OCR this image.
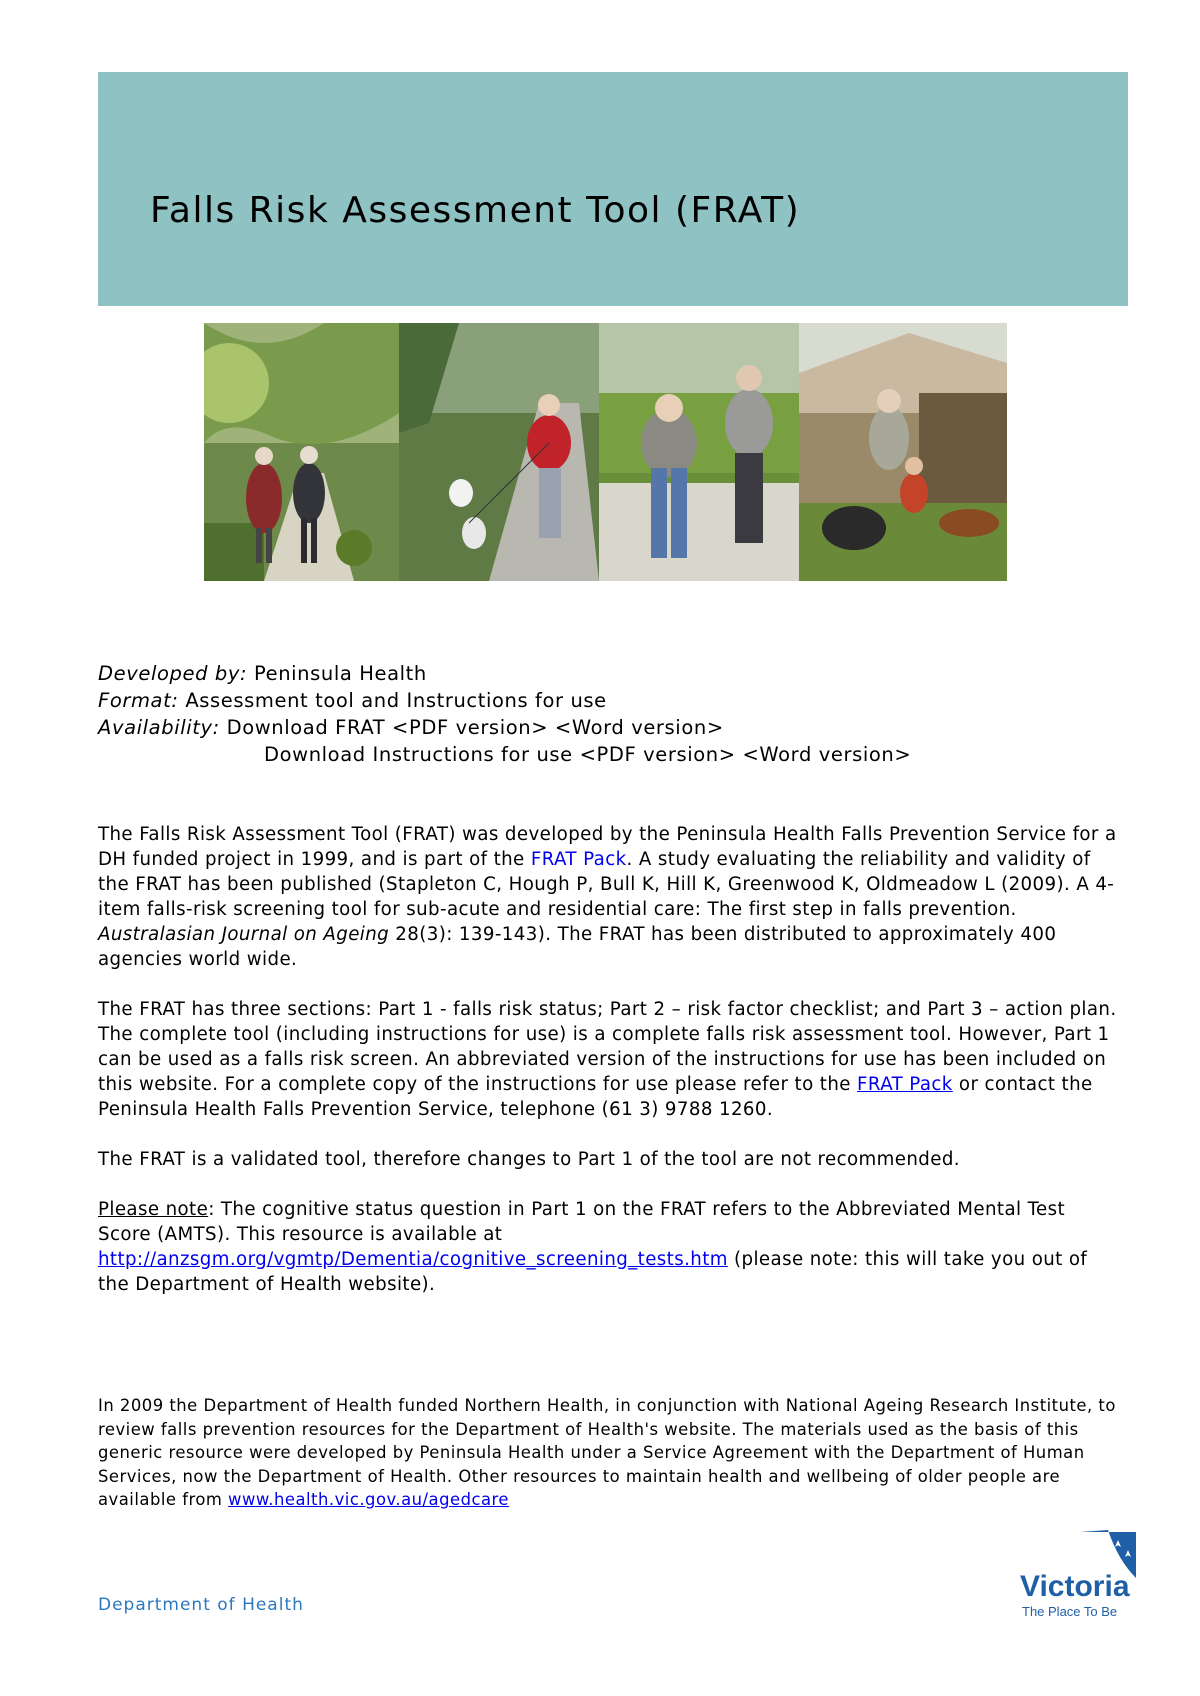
Falls Risk Assessment Tool (FRAT)
Developed by: Peninsula Health
Format: Assessment tool and Instructions for use
Availability: Download FRAT <PDF version> <Word version>
Download Instructions for use <PDF version> <Word version>

The Falls Risk Assessment Tool (FRAT) was developed by the Peninsula Health Falls Prevention Service for a DH funded project in 1999, and is part of the FRAT Pack. A study evaluating the reliability and validity of the FRAT has been published (Stapleton C, Hough P, Bull K, Hill K, Greenwood K, Oldmeadow L (2009). A 4-item falls-risk screening tool for sub-acute and residential care: The first step in falls prevention. Australasian Journal on Ageing 28(3): 139-143). The FRAT has been distributed to approximately 400 agencies world wide.

The FRAT has three sections: Part 1 - falls risk status; Part 2 – risk factor checklist; and Part 3 – action plan. The complete tool (including instructions for use) is a complete falls risk assessment tool. However, Part 1 can be used as a falls risk screen. An abbreviated version of the instructions for use has been included on this website. For a complete copy of the instructions for use please refer to the FRAT Pack or contact the Peninsula Health Falls Prevention Service, telephone (61 3) 9788 1260.

The FRAT is a validated tool, therefore changes to Part 1 of the tool are not recommended.

Please note: The cognitive status question in Part 1 on the FRAT refers to the Abbreviated Mental Test Score (AMTS). This resource is available at http://anzsgm.org/vgmtp/Dementia/cognitive_screening_tests.htm (please note: this will take you out of the Department of Health website).

In 2009 the Department of Health funded Northern Health, in conjunction with National Ageing Research Institute, to review falls prevention resources for the Department of Health's website. The materials used as the basis of this generic resource were developed by Peninsula Health under a Service Agreement with the Department of Human Services, now the Department of Health. Other resources to maintain health and wellbeing of older people are available from www.health.vic.gov.au/agedcare
Department of Health
Victoria
The Place To Be
